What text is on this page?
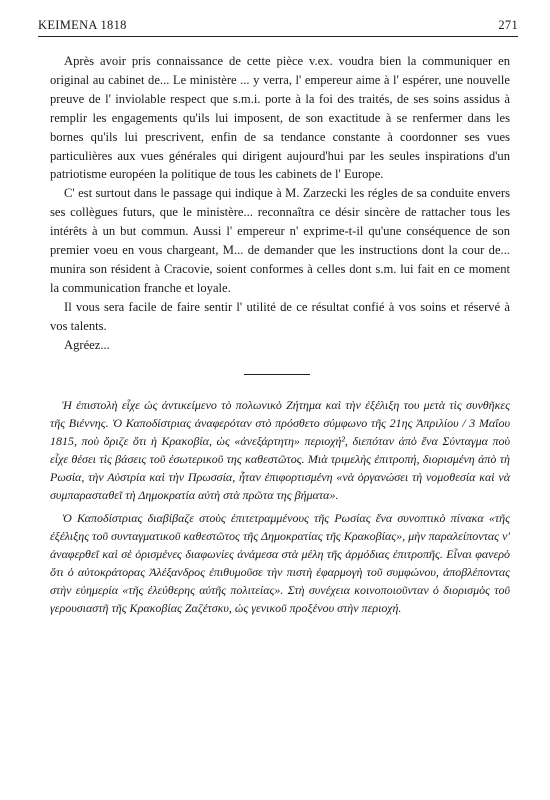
KEIMENA 1818	271

Après avoir pris connaissance de cette pièce v.ex. voudra bien la communiquer en original au cabinet de... Le ministère ... y verra, l' empereur aime à l' espérer, une nouvelle preuve de l' inviolable respect que s.m.i. porte à la foi des traités, de ses soins assidus à remplir les engagements qu'ils lui imposent, de son exactitude à se renfermer dans les bornes qu'ils lui prescrivent, enfin de sa tendance constante à coordonner ses vues particulières aux vues générales qui dirigent aujourd'hui par les seules inspirations d'un patriotisme européen la politique de tous les cabinets de l' Europe.

C' est surtout dans le passage qui indique à M. Zarzecki les régles de sa conduite envers ses collègues futurs, que le ministère... reconnaîtra ce désir sincère de rattacher tous les intérêts à un but commun. Aussi l' empereur n' exprime-t-il qu'une conséquence de son premier voeu en vous chargeant, M... de demander que les instructions dont la cour de... munira son résident à Cracovie, soient conformes à celles dont s.m. lui fait en ce moment la communication franche et loyale.

Il vous sera facile de faire sentir l' utilité de ce résultat confié à vos soins et réservé à vos talents.

Agréez...

Ἡ ἐπιστολὴ εἶχε ὡς ἀντικείμενο τὸ πολωνικὸ Ζήτημα καὶ τὴν ἐξέλιξη του μετὰ τὶς συνθῆκες τῆς Βιέννης. Ὁ Καποδίστριας ἀναφερόταν στὸ πρόσθετο σύμφωνο τῆς 21ης Ἀπριλίου / 3 Μαΐου 1815, ποὺ ὅριζε ὅτι ἡ Κρακοβία, ὡς «ἀνεξάρτητη» περιοχή², διεπόταν ἀπὸ ἕνα Σύνταγμα ποὺ εἶχε θέσει τὶς βάσεις τοῦ ἐσωτερικοῦ της καθεστῶτος. Μιὰ τριμελὴς ἐπιτροπή, διορισμένη ἀπὸ τὴ Ρωσία, τὴν Αὐστρία καὶ τὴν Πρωσσία, ἦταν ἐπιφορτισμένη «νὰ ὀργανώσει τὴ νομοθεσία καὶ νὰ συμπαρασταθεῖ τὴ Δημοκρατία αὐτὴ στὰ πρῶτα της βήματα».

Ὁ Καποδίστριας διαβίβαζε στοὺς ἐπιτετραμμένους τῆς Ρωσίας ἕνα συνοπτικὸ πίνακα «τῆς ἐξέλιξης τοῦ συνταγματικοῦ καθεστῶτος τῆς Δημοκρατίας τῆς Κρακοβίας», μὴν παραλείποντας ν' ἀναφερθεῖ καὶ σὲ ὁρισμένες διαφωνίες ἀνάμεσα στὰ μέλη τῆς ἁρμόδιας ἐπιτροπῆς. Εἶναι φανερὸ ὅτι ὁ αὐτοκράτορας Ἀλέξανδρος ἐπιθυμοῦσε τὴν πιστὴ ἐφαρμογὴ τοῦ συμφώνου, ἀποβλέποντας στὴν εὐημερία «τῆς ἐλεύθερης αὐτῆς πολιτείας». Στὴ συνέχεια κοινοποιοῦνταν ὁ διορισμὸς τοῦ γερουσιαστῆ τῆς Κρακοβίας Ζαζέτσκυ, ὡς γενικοῦ προξένου στὴν περιοχή.
